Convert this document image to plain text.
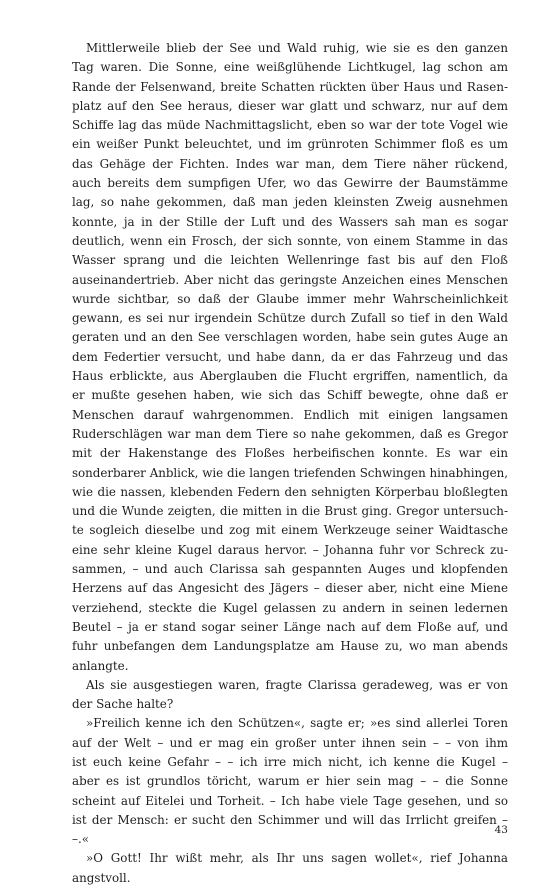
Mittlerweile blieb der See und Wald ruhig, wie sie es den ganzen
Tag waren. Die Sonne, eine weißglühende Lichtkugel, lag schon am
Rande der Felsenwand, breite Schatten rückten über Haus und Rasen-
platz auf den See heraus, dieser war glatt und schwarz, nur auf dem
Schiffe lag das müde Nachmittagslicht, eben so war der tote Vogel wie
ein weißer Punkt beleuchtet, und im grünroten Schimmer floß es um
das Gehäge der Fichten. Indes war man, dem Tiere näher rückend,
auch bereits dem sumpfigen Ufer, wo das Gewirre der Baumstämme
lag, so nahe gekommen, daß man jeden kleinsten Zweig ausnehmen
konnte, ja in der Stille der Luft und des Wassers sah man es sogar
deutlich, wenn ein Frosch, der sich sonnte, von einem Stamme in das
Wasser sprang und die leichten Wellenringe fast bis auf den Floß
auseinandertrieb. Aber nicht das geringste Anzeichen eines Menschen
wurde sichtbar, so daß der Glaube immer mehr Wahrscheinlichkeit
gewann, es sei nur irgendein Schütze durch Zufall so tief in den Wald
geraten und an den See verschlagen worden, habe sein gutes Auge an
dem Federtier versucht, und habe dann, da er das Fahrzeug und das
Haus erblickte, aus Aberglauben die Flucht ergriffen, namentlich, da
er mußte gesehen haben, wie sich das Schiff bewegte, ohne daß er
Menschen darauf wahrgenommen. Endlich mit einigen langsamen
Ruderschlägen war man dem Tiere so nahe gekommen, daß es Gregor
mit der Hakenstange des Floßes herbeifischen konnte. Es war ein
sonderbarer Anblick, wie die langen triefenden Schwingen hinabhingen,
wie die nassen, klebenden Federn den sehnigten Körperbau bloßlegten
und die Wunde zeigten, die mitten in die Brust ging. Gregor untersuch-
te sogleich dieselbe und zog mit einem Werkzeuge seiner Waidtasche
eine sehr kleine Kugel daraus hervor. – Johanna fuhr vor Schreck zu-
sammen, – und auch Clarissa sah gespannten Auges und klopfenden
Herzens auf das Angesicht des Jägers – dieser aber, nicht eine Miene
verziehend, steckte die Kugel gelassen zu andern in seinen ledernen
Beutel – ja er stand sogar seiner Länge nach auf dem Floße auf, und
fuhr unbefangen dem Landungsplatze am Hause zu, wo man abends
anlangte.
Als sie ausgestiegen waren, fragte Clarissa geradeweg, was er von
der Sache halte?
»Freilich kenne ich den Schützen«, sagte er; »es sind allerlei Toren
auf der Welt – und er mag ein großer unter ihnen sein – – von ihm
ist euch keine Gefahr – – ich irre mich nicht, ich kenne die Kugel –
aber es ist grundlos töricht, warum er hier sein mag – – die Sonne
scheint auf Eitelei und Torheit. – Ich habe viele Tage gesehen, und so
ist der Mensch: er sucht den Schimmer und will das Irrlicht greifen –
–.«
»O Gott! Ihr wißt mehr, als Ihr uns sagen wollet«, rief Johanna
angstvoll.
43
